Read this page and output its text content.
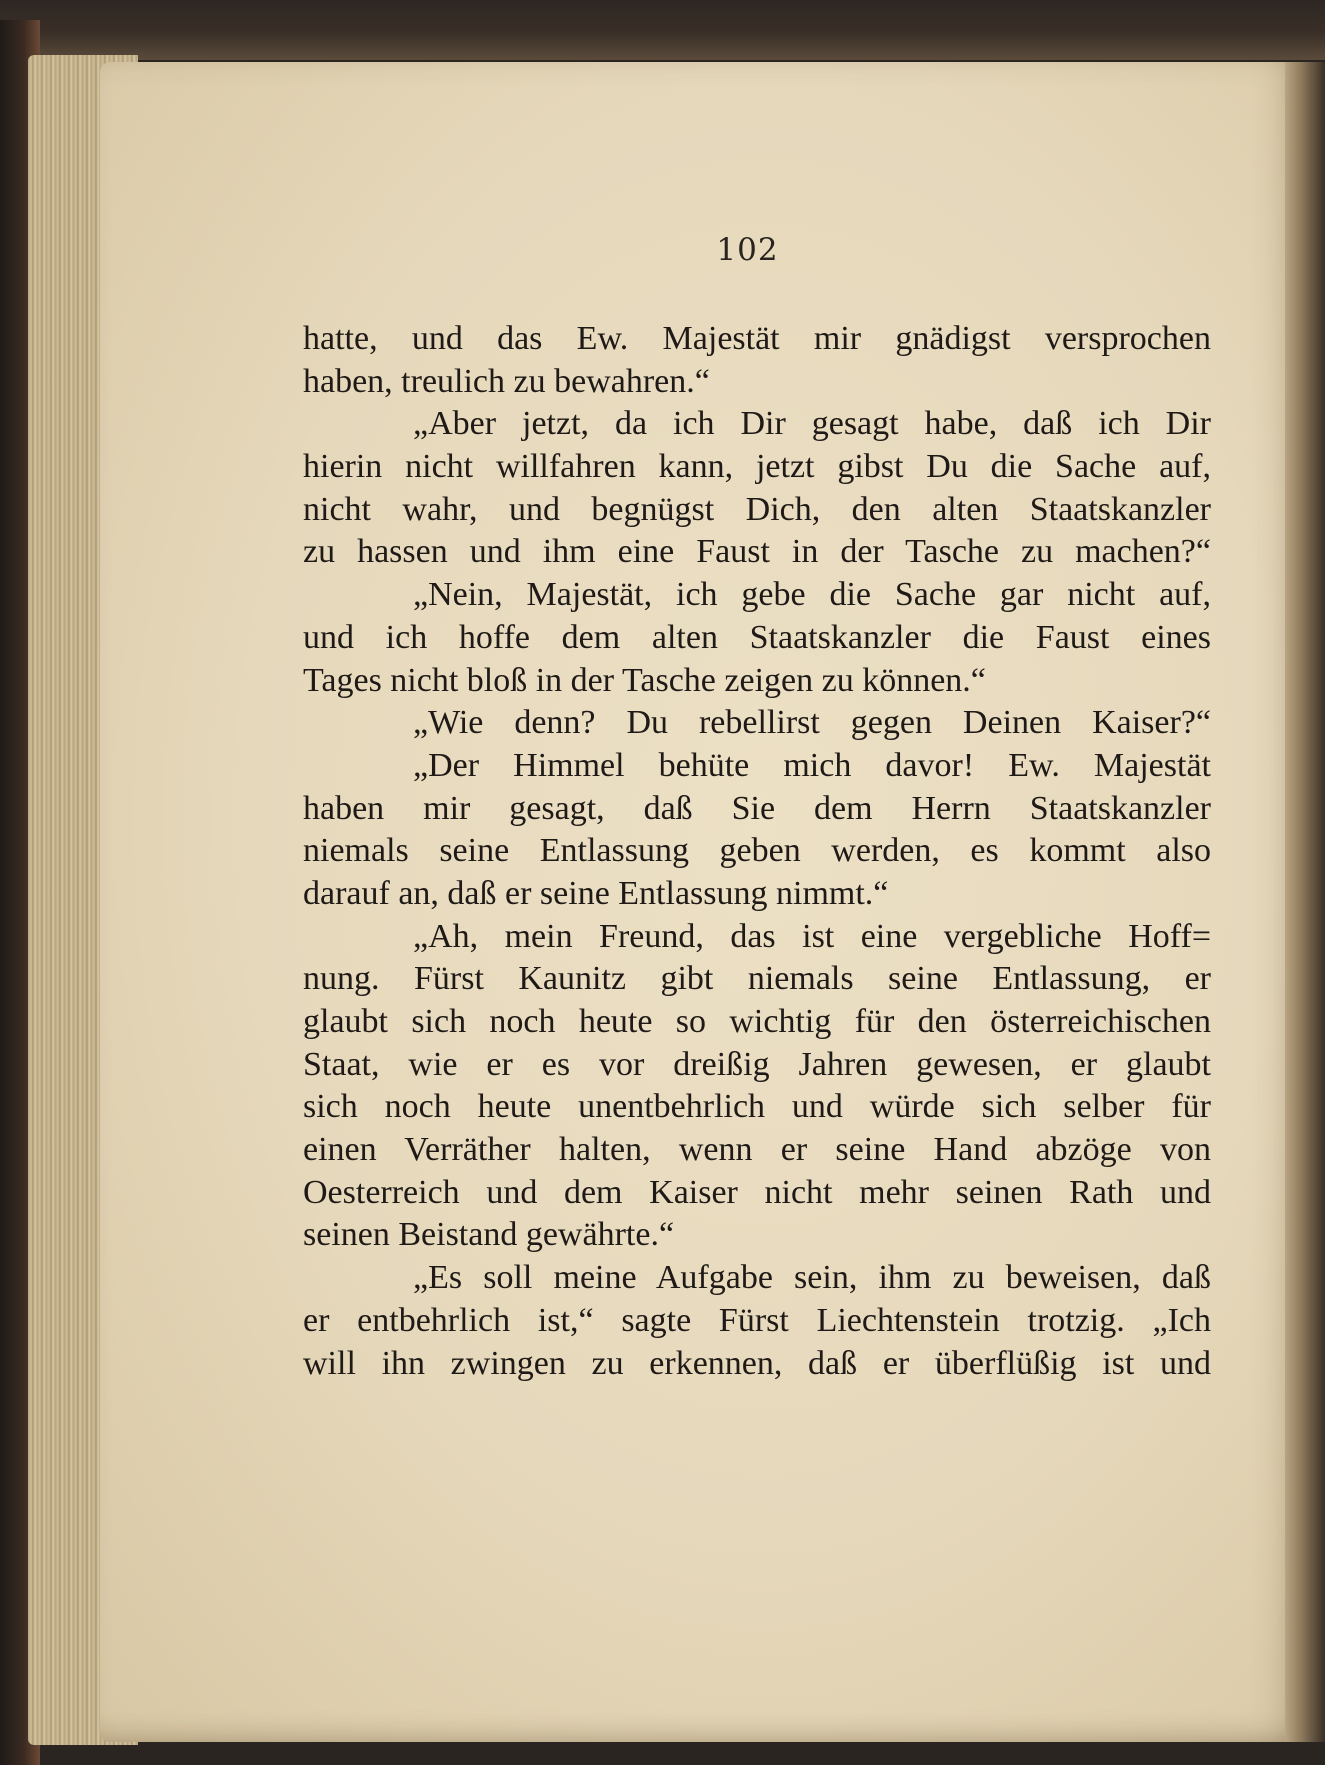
102
hatte, und das Ew. Majestät mir gnädigst versprochen
haben, treulich zu bewahren.“
„Aber jetzt, da ich Dir gesagt habe, daß ich Dir
hierin nicht willfahren kann, jetzt gibst Du die Sache auf,
nicht wahr, und begnügst Dich, den alten Staatskanzler
zu hassen und ihm eine Faust in der Tasche zu machen?“
„Nein, Majestät, ich gebe die Sache gar nicht auf,
und ich hoffe dem alten Staatskanzler die Faust eines
Tages nicht bloß in der Tasche zeigen zu können.“
„Wie denn? Du rebellirst gegen Deinen Kaiser?“
„Der Himmel behüte mich davor! Ew. Majestät
haben mir gesagt, daß Sie dem Herrn Staatskanzler
niemals seine Entlassung geben werden, es kommt also
darauf an, daß er seine Entlassung nimmt.“
„Ah, mein Freund, das ist eine vergebliche Hoff=
nung. Fürst Kaunitz gibt niemals seine Entlassung, er
glaubt sich noch heute so wichtig für den österreichischen
Staat, wie er es vor dreißig Jahren gewesen, er glaubt
sich noch heute unentbehrlich und würde sich selber für
einen Verräther halten, wenn er seine Hand abzöge von
Oesterreich und dem Kaiser nicht mehr seinen Rath und
seinen Beistand gewährte.“
„Es soll meine Aufgabe sein, ihm zu beweisen, daß
er entbehrlich ist,“ sagte Fürst Liechtenstein trotzig. „Ich
will ihn zwingen zu erkennen, daß er überflüßig ist und
